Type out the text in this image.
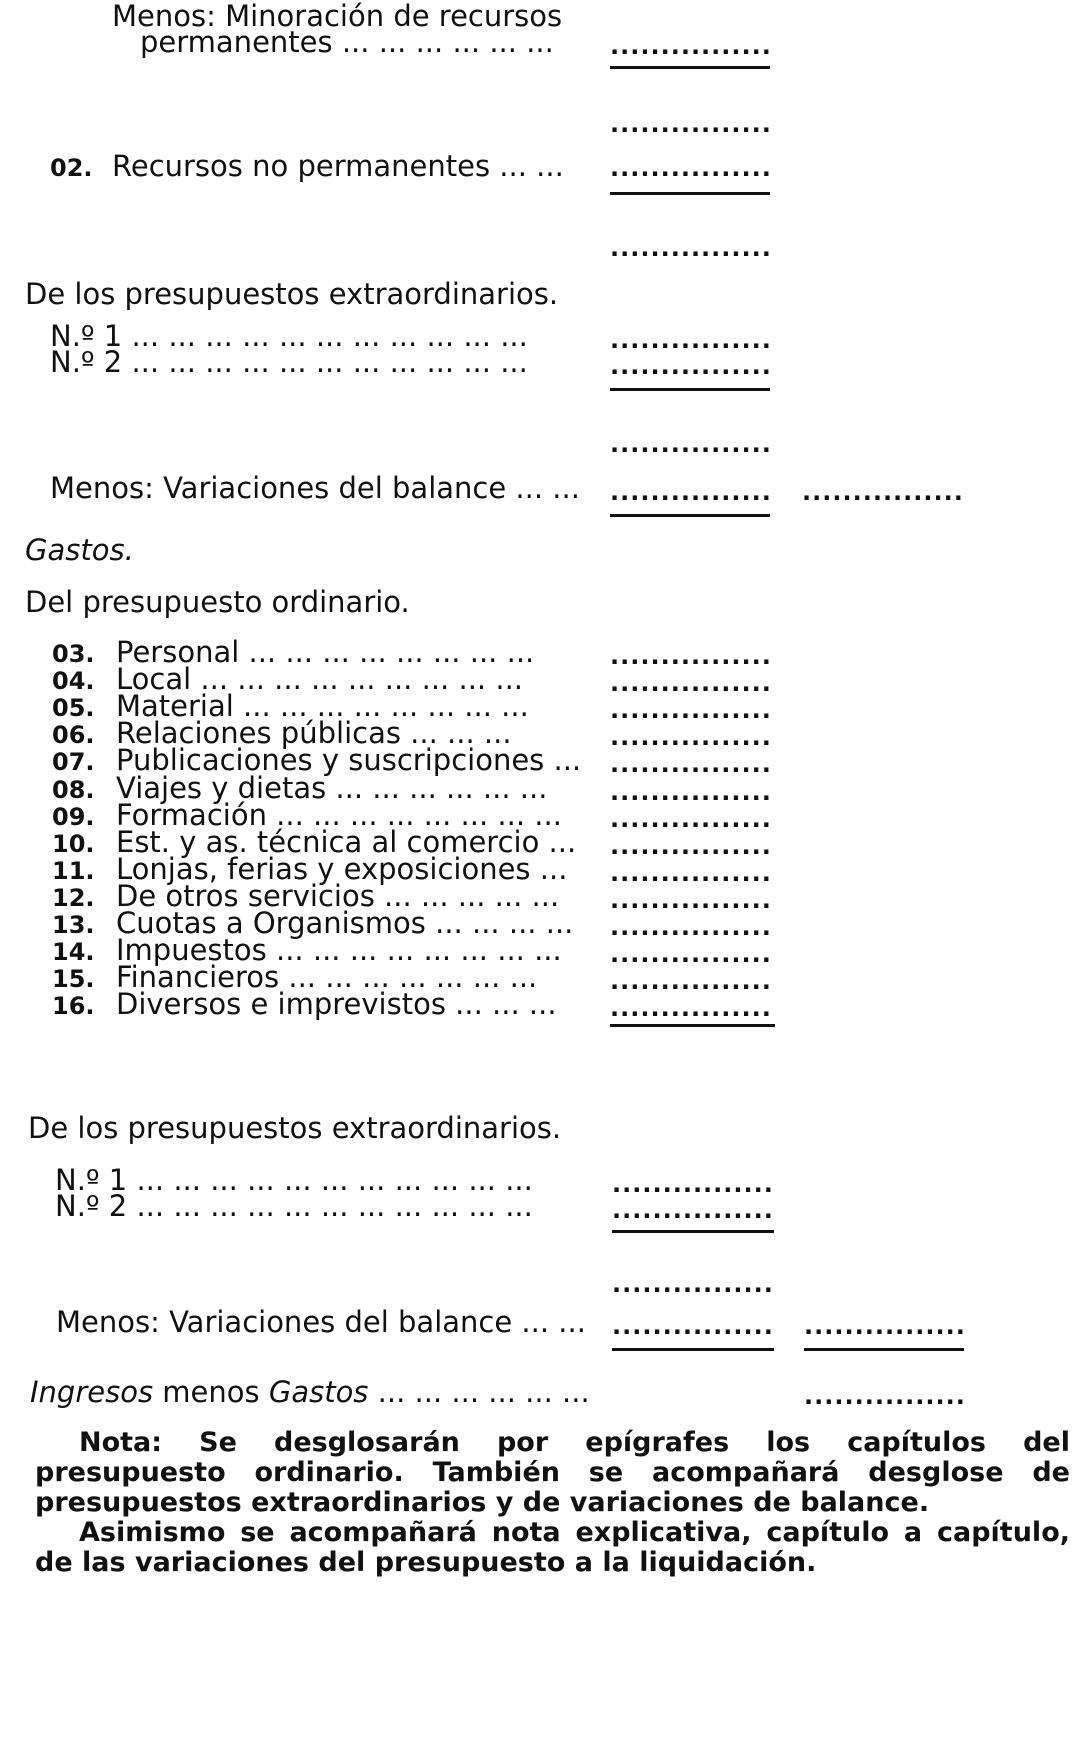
Menos: Minoración de recursos
permanentes ... ... ... ... ... ... ................
................
02. Recursos no permanentes ... ... ................
................
De los presupuestos extraordinarios.
N.º 1 ... ... ... ... ... ... ... ... ... ... ...	................
N.º 2 ... ... ... ... ... ... ... ... ... ... ...	................
................
Menos: Variaciones del balance ... ... ................ ................
Gastos.
Del presupuesto ordinario.
03. Personal ... ... ... ... ... ... ... ...	................
04. Local ... ... ... ... ... ... ... ... ...	................
05. Material ... ... ... ... ... ... ... ...	................
06. Relaciones públicas ... ... ...	................
07. Publicaciones y suscripciones ... ................
08. Viajes y dietas ... ... ... ... ... ...	................
09. Formación ... ... ... ... ... ... ... ... ................
10. Est. y as. técnica al comercio ... ................
11. Lonjas, ferias y exposiciones ... ................
12. De otros servicios ... ... ... ... ... ................
13. Cuotas a Organismos ... ... ... ... ................
14. Impuestos ... ... ... ... ... ... ... ... ................
15. Financieros ... ... ... ... ... ... ...	................
16. Diversos e imprevistos ... ... ... ................
De los presupuestos extraordinarios.
N.º 1 ... ... ... ... ... ... ... ... ... ... ...	................
N.º 2 ... ... ... ... ... ... ... ... ... ... ...	................
................
Menos: Variaciones del balance ... ... ................ ................
Ingresos menos Gastos ... ... ... ... ... ...	................

Nota: Se desglosarán por epígrafes los capítulos del presupuesto ordinario. También se acompañará desglose de presupuestos extraordinarios y de variaciones de balance.

Asimismo se acompañará nota explicativa, capítulo a capítulo, de las variaciones del presupuesto a la liquidación.
